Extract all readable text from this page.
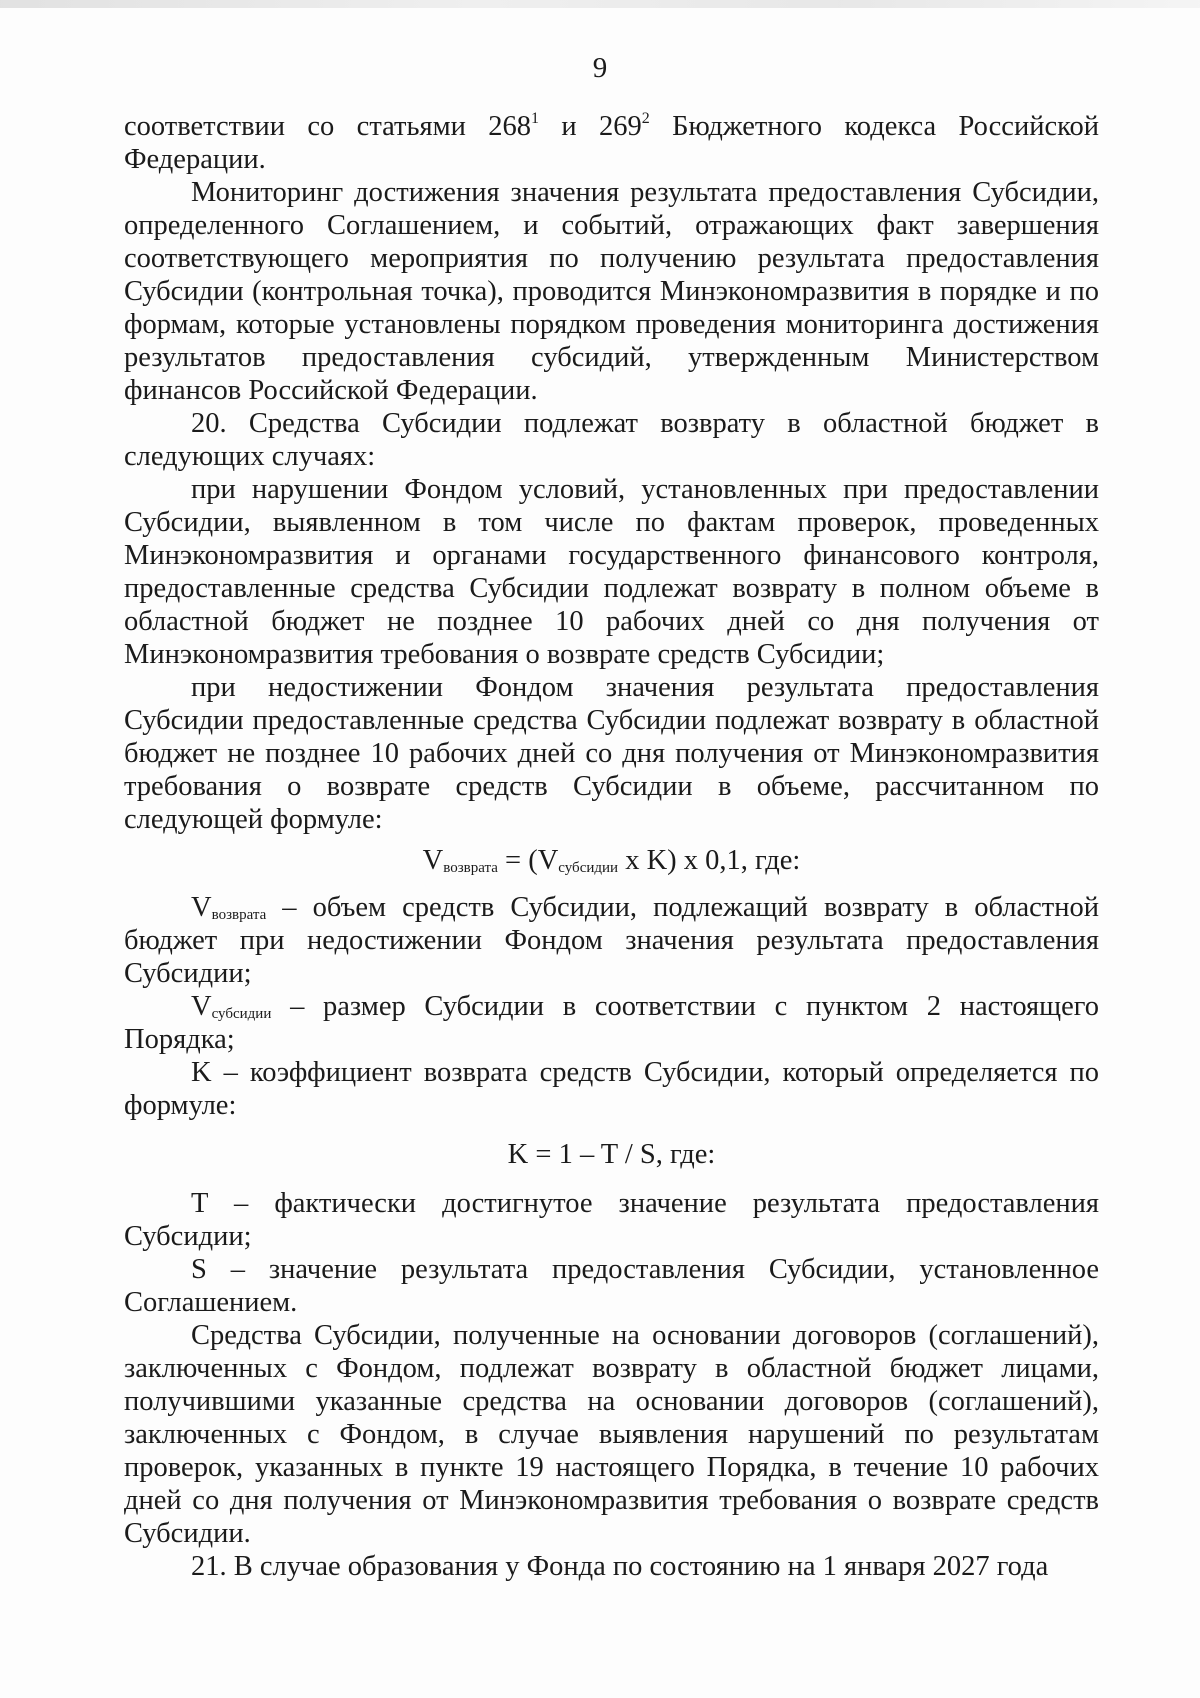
9

соответствии со статьями $268^1$ и $269^2$ Бюджетного кодекса Российской Федерации.

Мониторинг достижения значения результата предоставления Субсидии, определенного Соглашением, и событий, отражающих факт завершения соответствующего мероприятия по получению результата предоставления Субсидии (контрольная точка), проводится Минэкономразвития в порядке и по формам, которые установлены порядком проведения мониторинга достижения результатов предоставления субсидий, утвержденным Министерством финансов Российской Федерации.

20. Средства Субсидии подлежат возврату в областной бюджет в следующих случаях:

при нарушении Фондом условий, установленных при предоставлении Субсидии, выявленном в том числе по фактам проверок, проведенных Минэкономразвития и органами государственного финансового контроля, предоставленные средства Субсидии подлежат возврату в полном объеме в областной бюджет не позднее 10 рабочих дней со дня получения от Минэкономразвития требования о возврате средств Субсидии;

при недостижении Фондом значения результата предоставления Субсидии предоставленные средства Субсидии подлежат возврату в областной бюджет не позднее 10 рабочих дней со дня получения от Минэкономразвития требования о возврате средств Субсидии в объеме, рассчитанном по следующей формуле:

$V_{возврата} = (V_{субсидии}$ x K) x 0,1, где:

$V_{возврата}$ – объем средств Субсидии, подлежащий возврату в областной бюджет при недостижении Фондом значения результата предоставления Субсидии;

$V_{субсидии}$ – размер Субсидии в соответствии с пунктом 2 настоящего Порядка;

K – коэффициент возврата средств Субсидии, который определяется по формуле:

K = 1 – T / S, где:

T – фактически достигнутое значение результата предоставления Субсидии;

S – значение результата предоставления Субсидии, установленное Соглашением.

Средства Субсидии, полученные на основании договоров (соглашений), заключенных с Фондом, подлежат возврату в областной бюджет лицами, получившими указанные средства на основании договоров (соглашений), заключенных с Фондом, в случае выявления нарушений по результатам проверок, указанных в пункте 19 настоящего Порядка, в течение 10 рабочих дней со дня получения от Минэкономразвития требования о возврате средств Субсидии.

21. В случае образования у Фонда по состоянию на 1 января 2027 года
